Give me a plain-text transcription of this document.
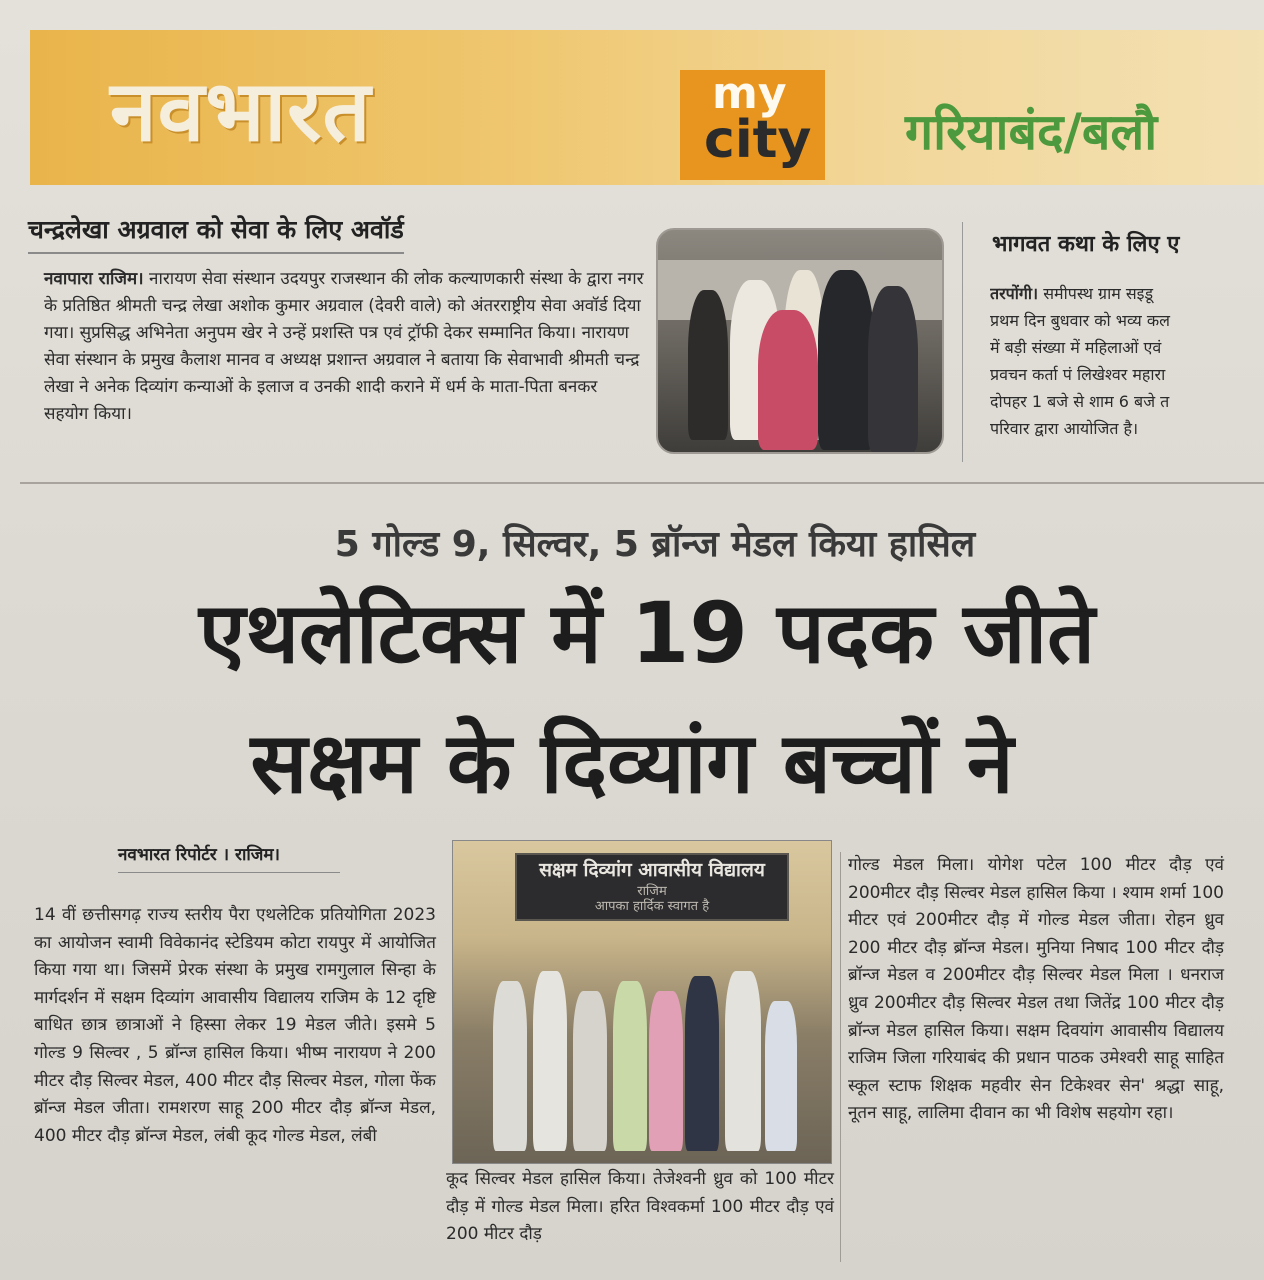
नवभारत	my
city गरियाबंद/बलौ
चन्द्रलेखा अग्रवाल को सेवा के लिए अवॉर्ड
नवापारा राजिम। नारायण सेवा संस्थान उदयपुर राजस्थान की लोक कल्याणकारी संस्था के द्वारा नगर के प्रतिष्ठित श्रीमती चन्द्र लेखा अशोक कुमार अग्रवाल (देवरी वाले) को अंतरराष्ट्रीय सेवा अवॉर्ड दिया गया। सुप्रसिद्ध अभिनेता अनुपम खेर ने उन्हें प्रशस्ति पत्र एवं ट्रॉफी देकर सम्मानित किया। नारायण सेवा संस्थान के प्रमुख कैलाश मानव व अध्यक्ष प्रशान्त अग्रवाल ने बताया कि सेवाभावी श्रीमती चन्द्र लेखा ने अनेक दिव्यांग कन्याओं के इलाज व उनकी शादी कराने में धर्म के माता-पिता बनकर सहयोग किया।
भागवत कथा के लिए ए
तरपोंगी। समीपस्थ ग्राम सइडू
प्रथम दिन बुधवार को भव्य कल
में बड़ी संख्या में महिलाओं एवं
प्रवचन कर्ता पं लिखेश्वर महारा
दोपहर 1 बजे से शाम 6 बजे त
परिवार द्वारा आयोजित है।
5 गोल्ड 9, सिल्वर, 5 ब्रॉन्ज मेडल किया हासिल
एथलेटिक्स में 19 पदक जीते
सक्षम के दिव्यांग बच्चों ने
नवभारत रिपोर्टर । राजिम।
14 वीं छत्तीसगढ़ राज्य स्तरीय पैरा एथलेटिक प्रतियोगिता 2023 का आयोजन स्वामी विवेकानंद स्टेडियम कोटा रायपुर में आयोजित किया गया था। जिसमें प्रेरक संस्था के प्रमुख रामगुलाल सिन्हा के मार्गदर्शन में सक्षम दिव्यांग आवासीय विद्यालय राजिम के 12 दृष्टि बाधित छात्र छात्राओं ने हिस्सा लेकर 19 मेडल जीते। इसमे 5 गोल्ड 9 सिल्वर , 5 ब्रॉन्ज हासिल किया। भीष्म नारायण ने 200 मीटर दौड़ सिल्वर मेडल, 400 मीटर दौड़ सिल्वर मेडल, गोला फेंक ब्रॉन्ज मेडल जीता। रामशरण साहू 200 मीटर दौड़ ब्रॉन्ज मेडल, 400 मीटर दौड़ ब्रॉन्ज मेडल, लंबी कूद गोल्ड मेडल, लंबी
सक्षम दिव्यांग आवासीय विद्यालय
राजिम
आपका हार्दिक स्वागत है
कूद सिल्वर मेडल हासिल किया। तेजेश्वनी ध्रुव को 100 मीटर दौड़ में गोल्ड मेडल मिला। हरित विश्वकर्मा 100 मीटर दौड़ एवं 200 मीटर दौड़
गोल्ड मेडल मिला। योगेश पटेल 100 मीटर दौड़ एवं 200मीटर दौड़ सिल्वर मेडल हासिल किया । श्याम शर्मा 100 मीटर एवं 200मीटर दौड़ में गोल्ड मेडल जीता। रोहन ध्रुव 200 मीटर दौड़ ब्रॉन्ज मेडल। मुनिया निषाद 100 मीटर दौड़ ब्रॉन्ज मेडल व 200मीटर दौड़ सिल्वर मेडल मिला । धनराज ध्रुव 200मीटर दौड़ सिल्वर मेडल तथा जितेंद्र 100 मीटर दौड़ ब्रॉन्ज मेडल हासिल किया। सक्षम दिवयांग आवासीय विद्यालय राजिम जिला गरियाबंद की प्रधान पाठक उमेश्वरी साहू साहित स्कूल स्टाफ शिक्षक महवीर सेन टिकेश्वर सेन' श्रद्धा साहू, नूतन साहू, लालिमा दीवान का भी विशेष सहयोग रहा।
